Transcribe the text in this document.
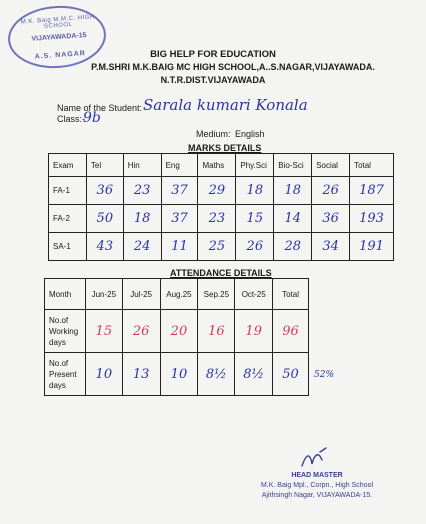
M.K. Baig M.M.C. HIGH SCHOOL
VIJAYAWADA-15
A.S. NAGAR	BIG HELP FOR EDUCATION
P.M.SHRI M.K.BAIG MC HIGH SCHOOL,A..S.NAGAR,VIJAYAWADA.
N.T.R.DIST.VIJAYAWADA
Name of the Student: Sarala kumari Konala
Class:-
9b
Medium: English
MARKS DETAILS
Exam	Tel	Hin	Eng	Maths	Phy.Sci	Bio-Sci	Social	Total
FA-1	36	23	37	29	18	18	26	187
FA-2	50	18	37	23	15	14	36	193
SA-1	43	24	11	25	26	28	34	191
ATTENDANCE DETAILS
Month	Jun-25	Jul-25	Aug.25	Sep.25	Oct-25	Total
No.of Working days	15	26	20	16	19	96
No.of Present days	10	13	10	8½	8½	50 52%
HEAD MASTER
M.K. Baig Mpl., Corpn., High School
Ajithsingh Nagar, VIJAYAWADA-15.
